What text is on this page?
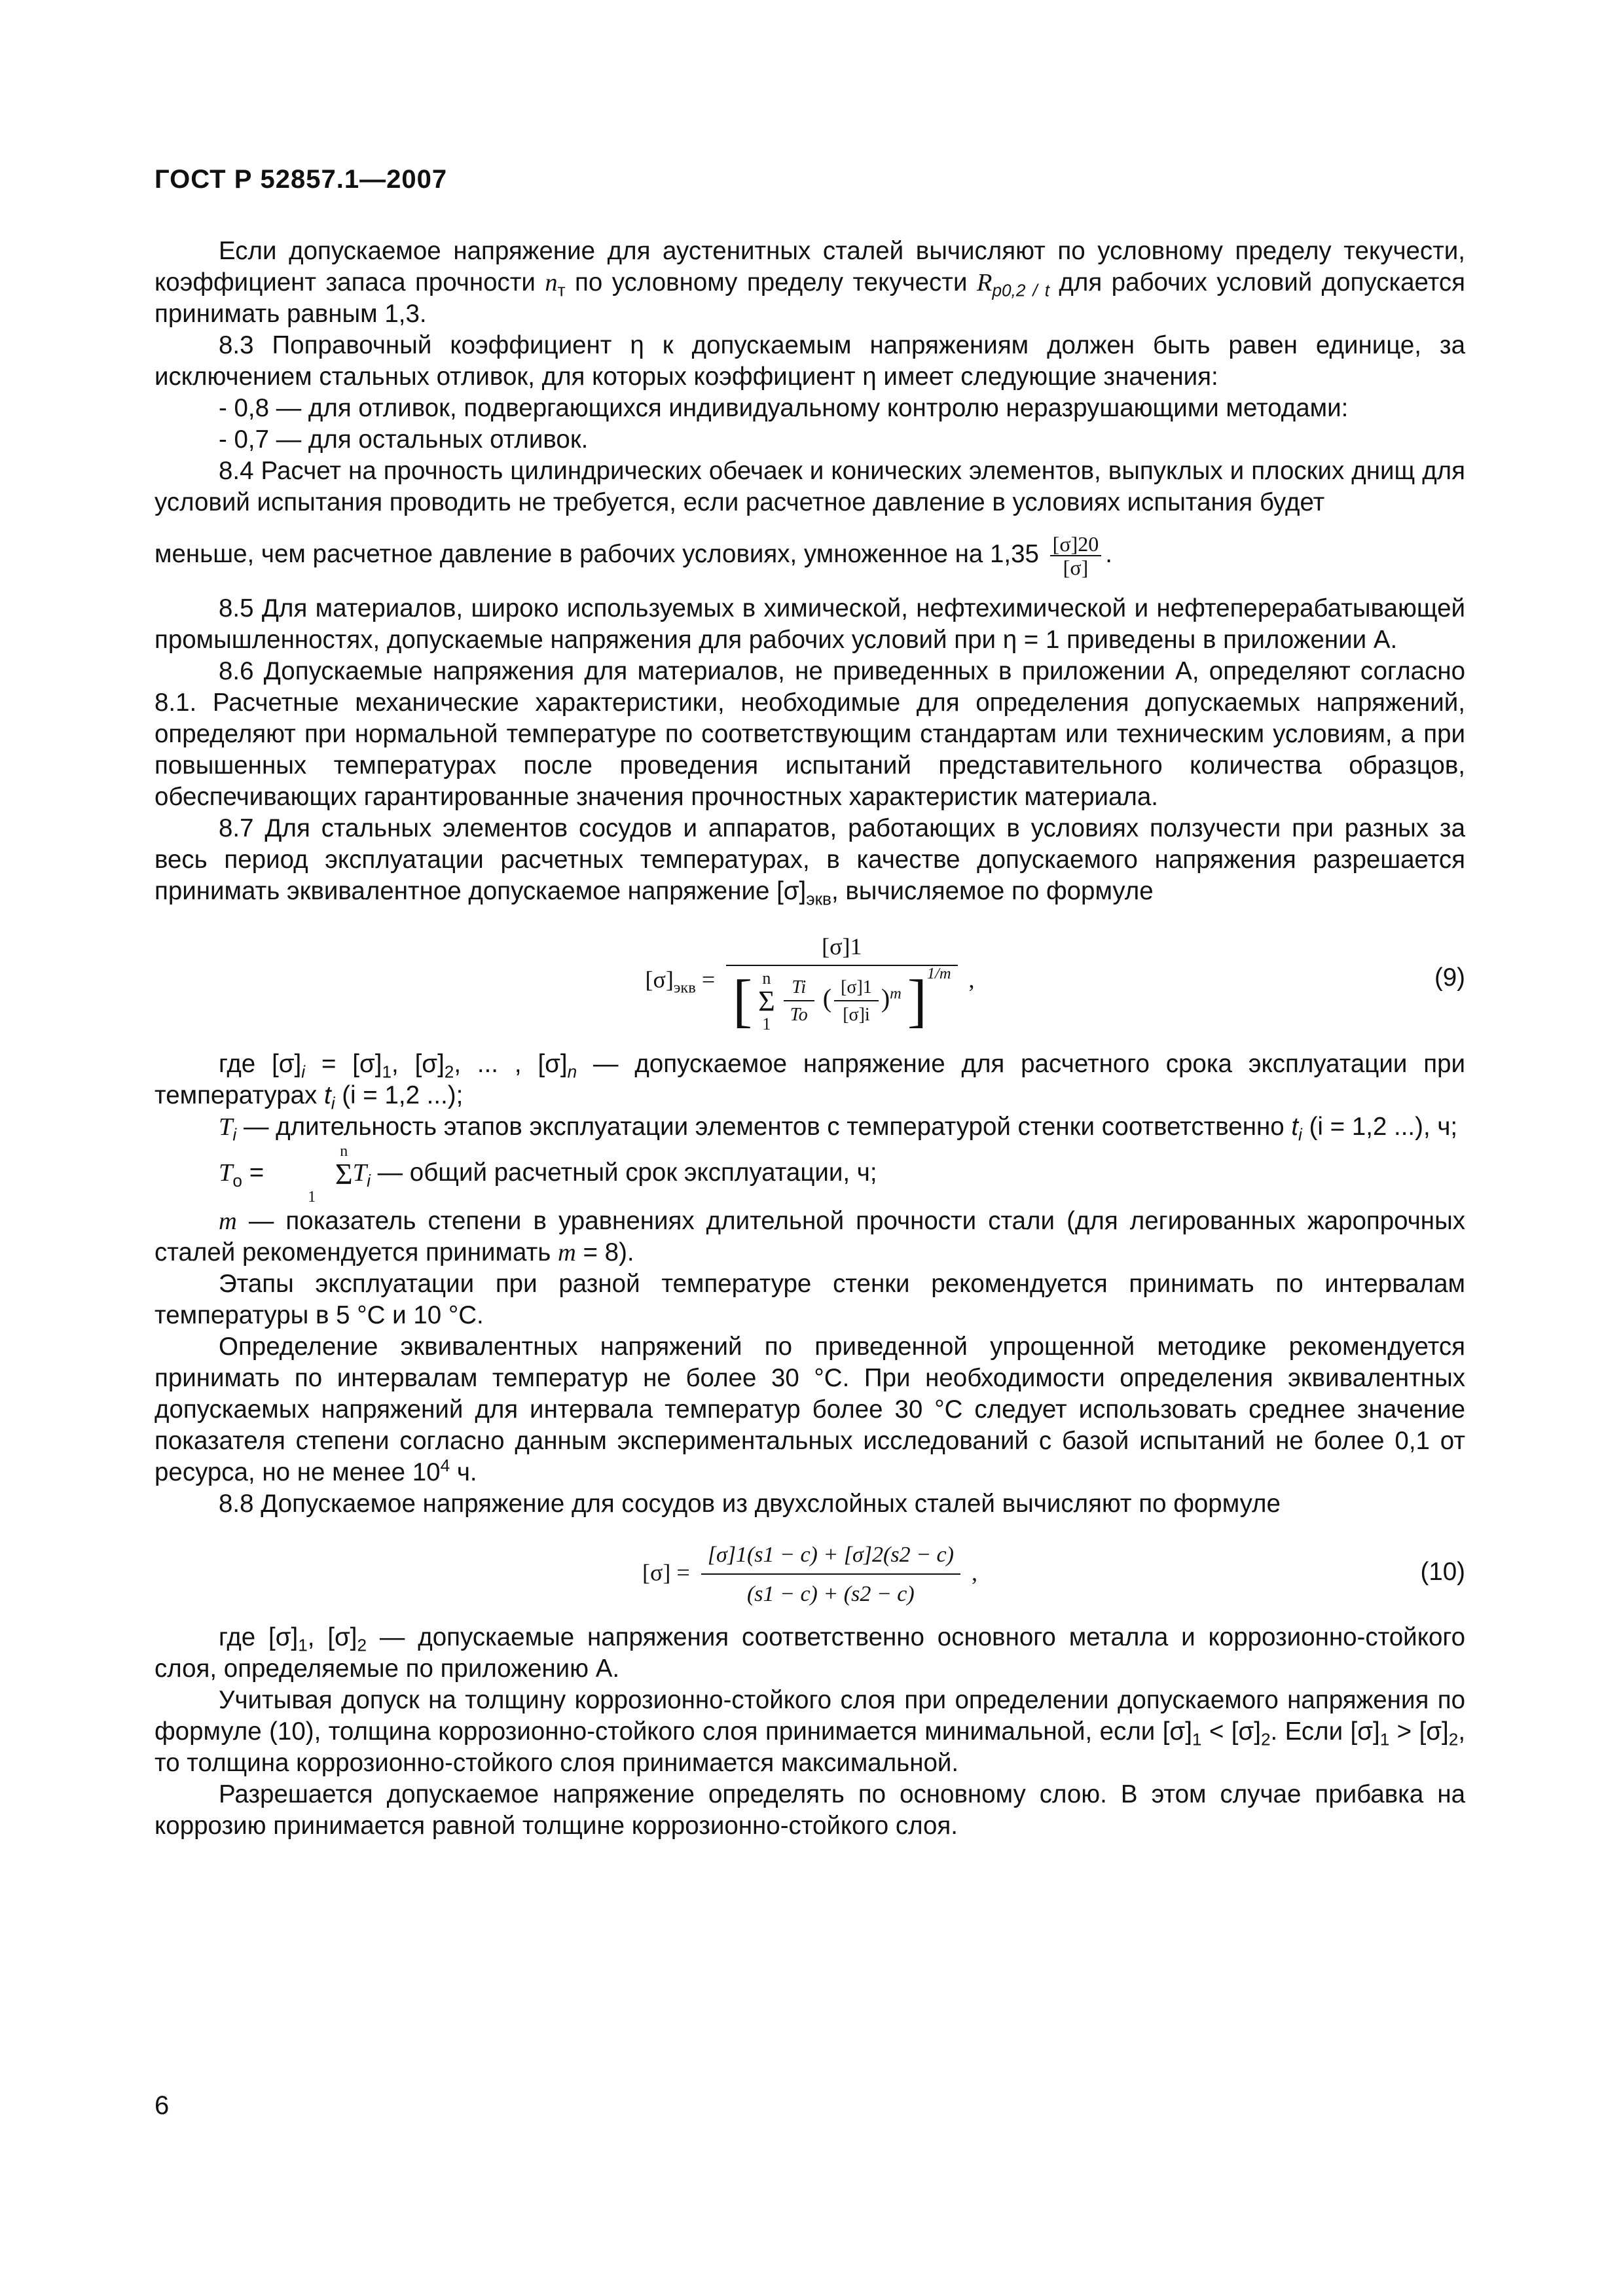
ГОСТ Р 52857.1—2007

Если допускаемое напряжение для аустенитных сталей вычисляют по условному пределу текучести, коэффициент запаса прочности $n_т$ по условному пределу текучести $R_{p0,2 / t}$ для рабочих условий допускается принимать равным 1,3.

8.3 Поправочный коэффициент η к допускаемым напряжениям должен быть равен единице, за исключением стальных отливок, для которых коэффициент η имеет следующие значения:

- 0,8 — для отливок, подвергающихся индивидуальному контролю неразрушающими методами:

- 0,7 — для остальных отливок.

8.4 Расчет на прочность цилиндрических обечаек и конических элементов, выпуклых и плоских днищ для условий испытания проводить не требуется, если расчетное давление в условиях испытания будет

меньше, чем расчетное давление в рабочих условиях, умноженное на $1,35 \frac{[\sigma]20}{[\sigma]}$ .

8.5 Для материалов, широко используемых в химической, нефтехимической и нефтеперерабатывающей промышленностях, допускаемые напряжения для рабочих условий при η = 1 приведены в приложении А.

8.6 Допускаемые напряжения для материалов, не приведенных в приложении А, определяют согласно 8.1. Расчетные механические характеристики, необходимые для определения допускаемых напряжений, определяют при нормальной температуре по соответствующим стандартам или техническим условиям, а при повышенных температурах после проведения испытаний представительного количества образцов, обеспечивающих гарантированные значения прочностных характеристик материала.

8.7 Для стальных элементов сосудов и аппаратов, работающих в условиях ползучести при разных за весь период эксплуатации расчетных температурах, в качестве допускаемого напряжения разрешается принимать эквивалентное допускаемое напряжение $[\sigma]_{экв}$, вычисляемое по формуле

$[\sigma]_{экв}$ =
[σ]1
[ n
Σ
$1 \frac{Ti}{To}$ ( $\frac{[\sigma]1}{[\sigma]i} )^m$ ]$^{1/m}$ ,	(9)

где $[\sigma]_i = [\sigma]_1$, $[\sigma]_2$, ... , $[\sigma]_n$ — допускаемое напряжение для расчетного срока эксплуатации при температурах $t_i$ (i = 1,2 ...);

$T_i$ — длительность этапов эксплуатации элементов с температурой стенки соответственно $t_i$ (i = 1,2 ...), ч;

$T_о = n$
Σ
$1T_i$ — общий расчетный срок эксплуатации, ч;

m — показатель степени в уравнениях длительной прочности стали (для легированных жаропрочных сталей рекомендуется принимать m = 8).

Этапы эксплуатации при разной температуре стенки рекомендуется принимать по интервалам температуры в 5 °C и 10 °C.

Определение эквивалентных напряжений по приведенной упрощенной методике рекомендуется принимать по интервалам температур не более 30 °C. При необходимости определения эквивалентных допускаемых напряжений для интервала температур более 30 °C следует использовать среднее значение показателя степени согласно данным экспериментальных исследований с базой испытаний не более 0,1 от ресурса, но не менее $10^4$ ч.

8.8 Допускаемое напряжение для сосудов из двухслойных сталей вычисляют по формуле

$[\sigma] = \frac{[\sigma]1(s1 - c) + [\sigma]2(s2 - c)}{(s1 - c) + (s2 - c)}$ ,	(10)

где $[\sigma]_1$, $[\sigma]_2$ — допускаемые напряжения соответственно основного металла и коррозионно-стойкого слоя, определяемые по приложению А.

Учитывая допуск на толщину коррозионно-стойкого слоя при определении допускаемого напряжения по формуле (10), толщина коррозионно-стойкого слоя принимается минимальной, если $[\sigma]_1 < [\sigma]_2$. Если $[\sigma]_1 > [\sigma]_2$, то толщина коррозионно-стойкого слоя принимается максимальной.

Разрешается допускаемое напряжение определять по основному слою. В этом случае прибавка на коррозию принимается равной толщине коррозионно-стойкого слоя.

6
